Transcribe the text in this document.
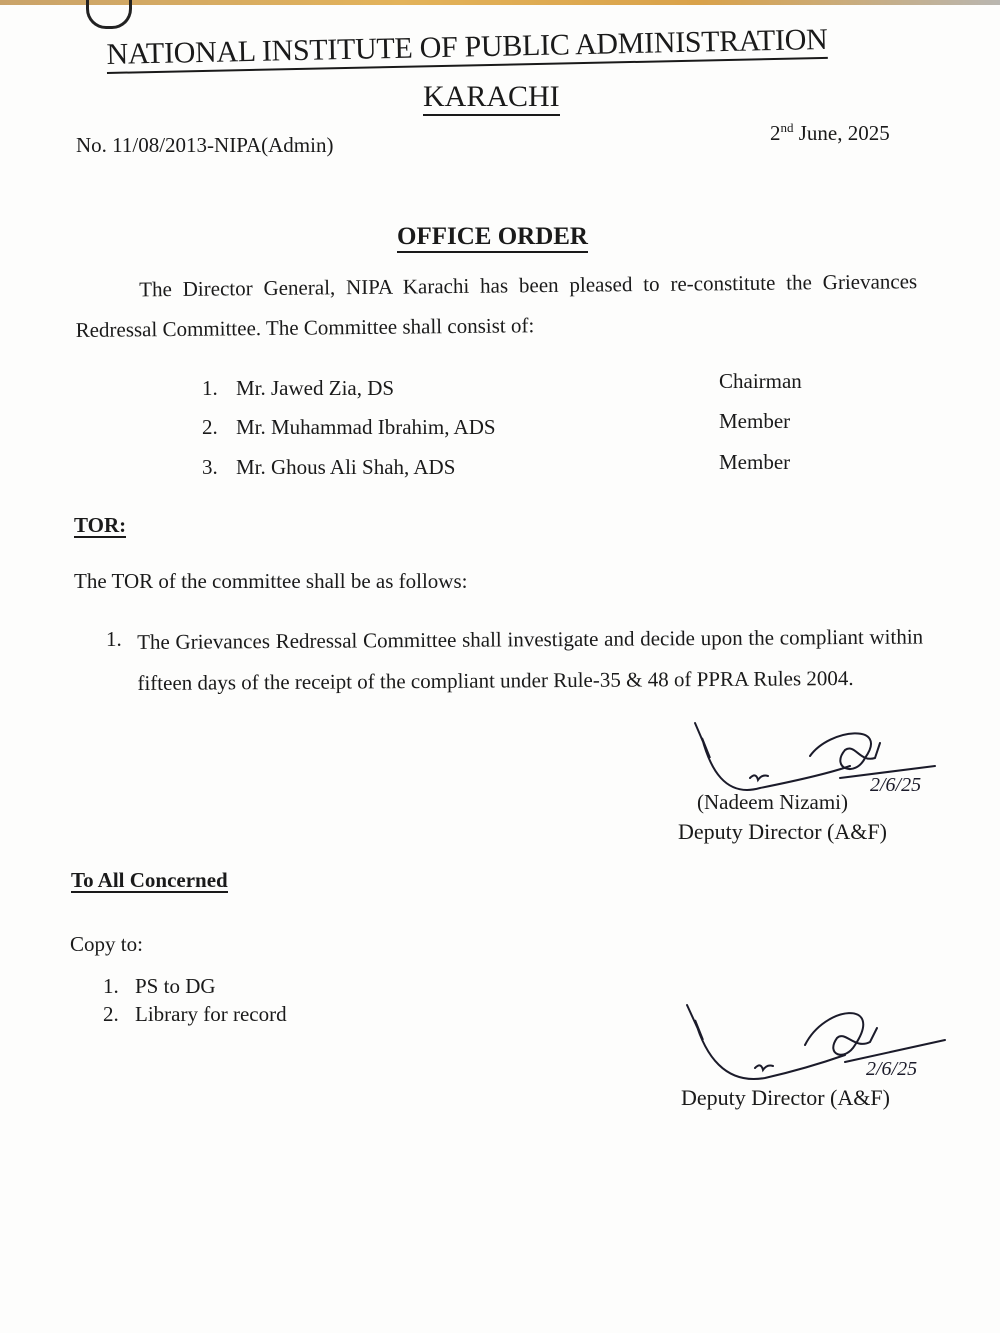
NATIONAL INSTITUTE OF PUBLIC ADMINISTRATION
KARACHI
No. 11/08/2013-NIPA(Admin)	2nd June, 2025
OFFICE ORDER
The Director General, NIPA Karachi has been pleased to re-constitute the Grievances Redressal Committee. The Committee shall consist of:
1. Mr. Jawed Zia, DS	Chairman
2. Mr. Muhammad Ibrahim, ADS	Member
3. Mr. Ghous Ali Shah, ADS	Member
TOR:
The TOR of the committee shall be as follows:
1. The Grievances Redressal Committee shall investigate and decide upon the compliant within fifteen days of the receipt of the compliant under Rule-35 & 48 of PPRA Rules 2004.
2/6/25
(Nadeem Nizami)
Deputy Director (A&F)
To All Concerned
Copy to:
1. PS to DG
2. Library for record
2/6/25
Deputy Director (A&F)
